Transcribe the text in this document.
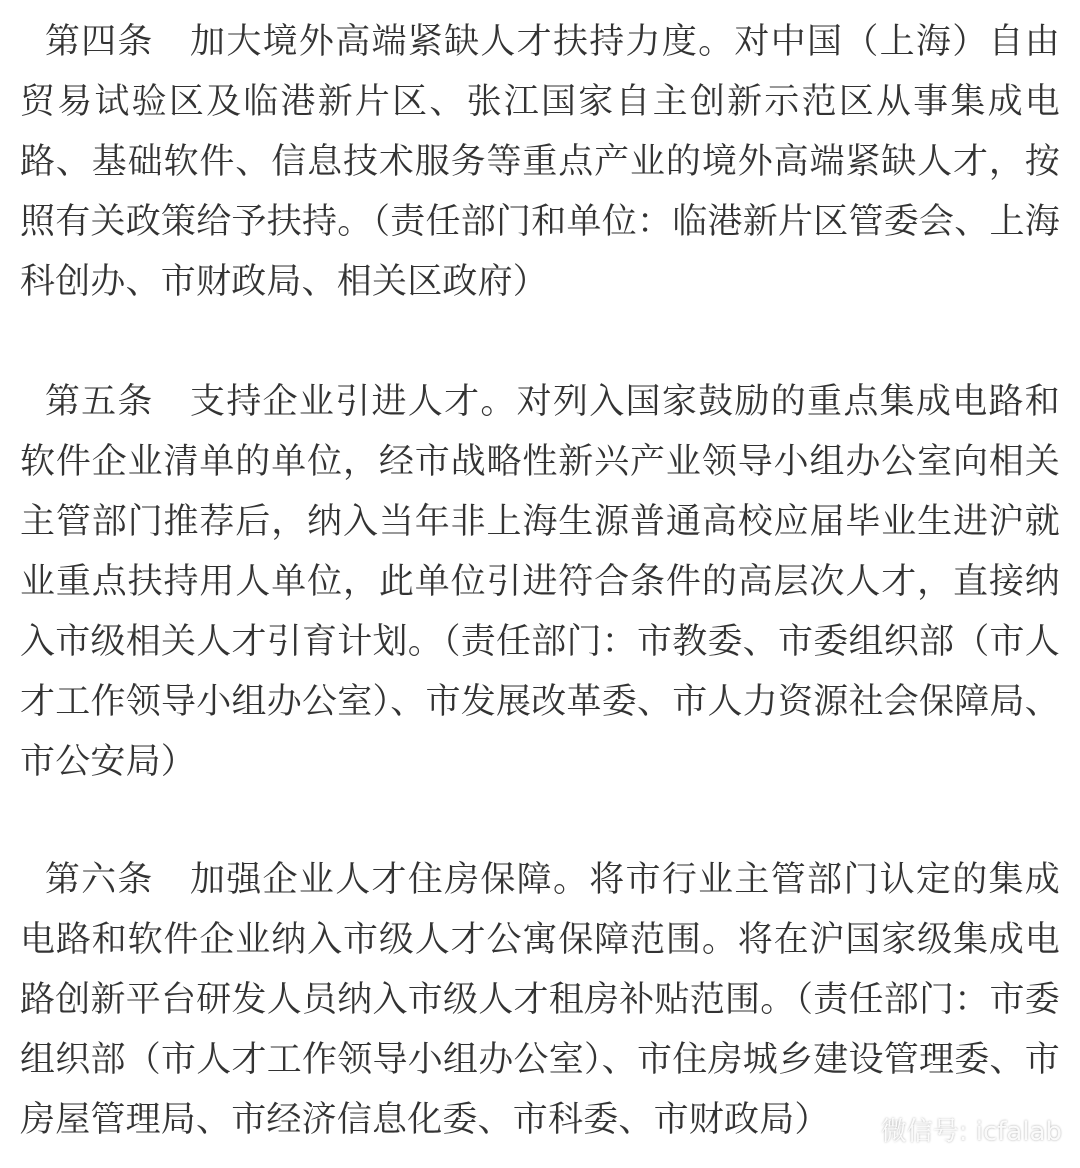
第四条　加大境外高端紧缺人才扶持力度。对中国（上海）自由贸易试验区及临港新片区、张江国家自主创新示范区从事集成电路、基础软件、信息技术服务等重点产业的境外高端紧缺人才，按照有关政策给予扶持。（责任部门和单位：临港新片区管委会、上海科创办、市财政局、相关区政府）

第五条　支持企业引进人才。对列入国家鼓励的重点集成电路和软件企业清单的单位，经市战略性新兴产业领导小组办公室向相关主管部门推荐后，纳入当年非上海生源普通高校应届毕业生进沪就业重点扶持用人单位，此单位引进符合条件的高层次人才，直接纳入市级相关人才引育计划。（责任部门：市教委、市委组织部（市人才工作领导小组办公室）、市发展改革委、市人力资源社会保障局、市公安局）

第六条　加强企业人才住房保障。将市行业主管部门认定的集成电路和软件企业纳入市级人才公寓保障范围。将在沪国家级集成电路创新平台研发人员纳入市级人才租房补贴范围。（责任部门：市委组织部（市人才工作领导小组办公室）、市住房城乡建设管理委、市房屋管理局、市经济信息化委、市科委、市财政局）	微信号: icfalab
